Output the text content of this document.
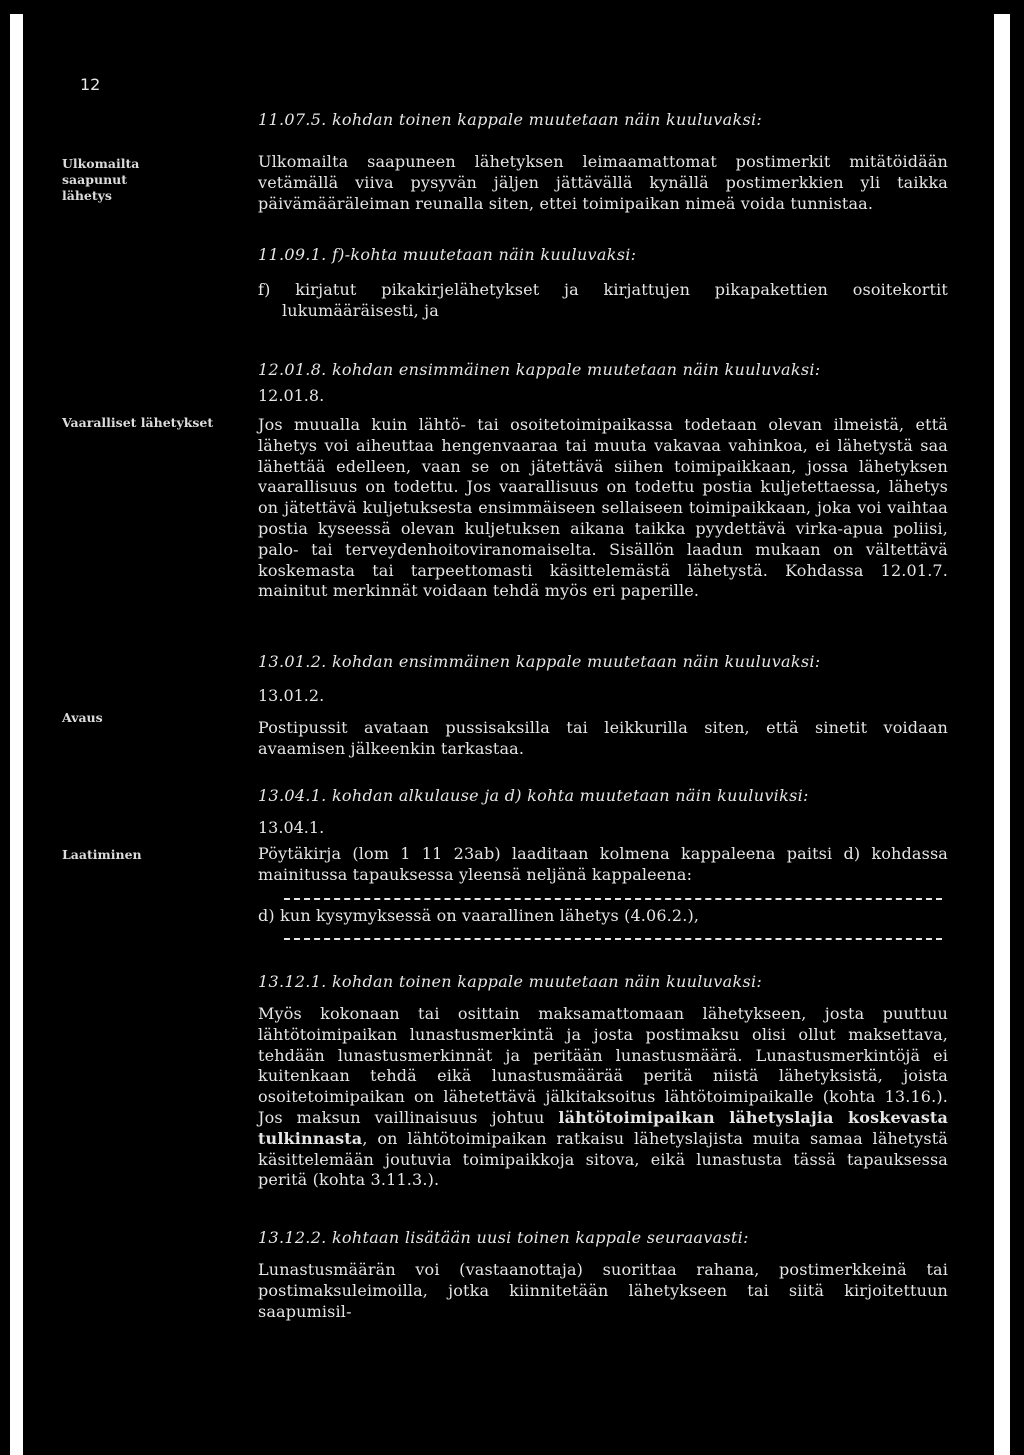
12
Ulkomailta saapunut lähetys
Vaaralliset lähetykset
Avaus
Laatiminen

11.07.5. kohdan toinen kappale muutetaan näin kuuluvaksi:

Ulkomailta saapuneen lähetyksen leimaamattomat postimerkit mitätöidään vetämällä viiva pysyvän jäljen jättävällä kynällä postimerkkien yli taikka päivämääräleiman reunalla siten, ettei toimipaikan nimeä voida tunnistaa.

11.09.1. f)-kohta muutetaan näin kuuluvaksi:

f) kirjatut pikakirjelähetykset ja kirjattujen pikapakettien osoitekortit lukumääräisesti, ja

12.01.8. kohdan ensimmäinen kappale muutetaan näin kuuluvaksi:

12.01.8.

Jos muualla kuin lähtö- tai osoitetoimipaikassa todetaan olevan ilmeistä, että lähetys voi aiheuttaa hengenvaaraa tai muuta vakavaa vahinkoa, ei lähetystä saa lähettää edelleen, vaan se on jätettävä siihen toimipaikkaan, jossa lähetyksen vaarallisuus on todettu. Jos vaarallisuus on todettu postia kuljetettaessa, lähetys on jätettävä kuljetuksesta ensimmäiseen sellaiseen toimipaikkaan, joka voi vaihtaa postia kyseessä olevan kuljetuksen aikana taikka pyydettävä virka-apua poliisi, palo- tai terveydenhoitoviranomaiselta. Sisällön laadun mukaan on vältettävä koskemasta tai tarpeettomasti käsittelemästä lähetystä. Kohdassa 12.01.7. mainitut merkinnät voidaan tehdä myös eri paperille.

13.01.2. kohdan ensimmäinen kappale muutetaan näin kuuluvaksi:

13.01.2.

Postipussit avataan pussisaksilla tai leikkurilla siten, että sinetit voidaan avaamisen jälkeenkin tarkastaa.

13.04.1. kohdan alkulause ja d) kohta muutetaan näin kuuluviksi:

13.04.1.

Pöytäkirja (lom 1 11 23ab) laaditaan kolmena kappaleena paitsi d) kohdassa mainitussa tapauksessa yleensä neljänä kappaleena:

d) kun kysymyksessä on vaarallinen lähetys (4.06.2.),

13.12.1. kohdan toinen kappale muutetaan näin kuuluvaksi:

Myös kokonaan tai osittain maksamattomaan lähetykseen, josta puuttuu lähtötoimipaikan lunastusmerkintä ja josta postimaksu olisi ollut maksettava, tehdään lunastusmerkinnät ja peritään lunastusmäärä. Lunastusmerkintöjä ei kuitenkaan tehdä eikä lunastusmäärää peritä niistä lähetyksistä, joista osoitetoimipaikan on lähetettävä jälkitaksoitus lähtötoimipaikalle (kohta 13.16.). Jos maksun vaillinaisuus johtuu lähtötoimipaikan lähetyslajia koskevasta tulkinnasta, on lähtötoimipaikan ratkaisu lähetyslajista muita samaa lähetystä käsittelemään joutuvia toimipaikkoja sitova, eikä lunastusta tässä tapauksessa peritä (kohta 3.11.3.).

13.12.2. kohtaan lisätään uusi toinen kappale seuraavasti:

Lunastusmäärän voi (vastaanottaja) suorittaa rahana, postimerkkeinä tai postimaksuleimoilla, jotka kiinnitetään lähetykseen tai siitä kirjoitettuun saapumisil-
